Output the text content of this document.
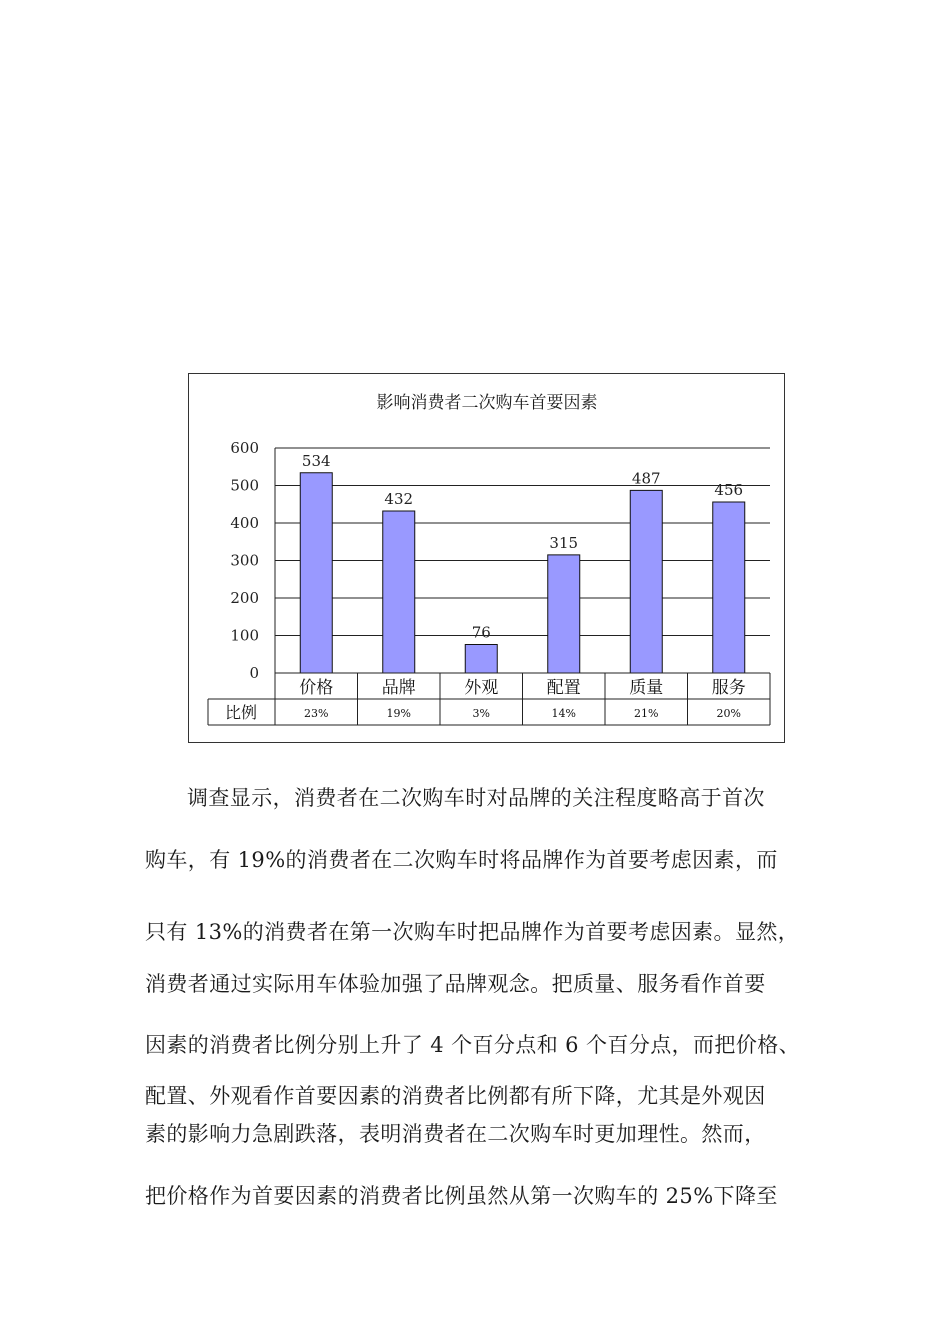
影响消费者二次购车首要因素
0
100
200
300
400
500
600
534
432
76
315
487
456
比例
价格
23%
品牌
19%
外观
3%
配置
14%
质量
21%
服务
20%

调查显示，消费者在二次购车时对品牌的关注程度略高于首次

购车，有 19%的消费者在二次购车时将品牌作为首要考虑因素，而

只有 13%的消费者在第一次购车时把品牌作为首要考虑因素。显然，

消费者通过实际用车体验加强了品牌观念。把质量、服务看作首要

因素的消费者比例分别上升了 4 个百分点和 6 个百分点，而把价格、

配置、外观看作首要因素的消费者比例都有所下降，尤其是外观因

素的影响力急剧跌落，表明消费者在二次购车时更加理性。然而，

把价格作为首要因素的消费者比例虽然从第一次购车的 25%下降至
